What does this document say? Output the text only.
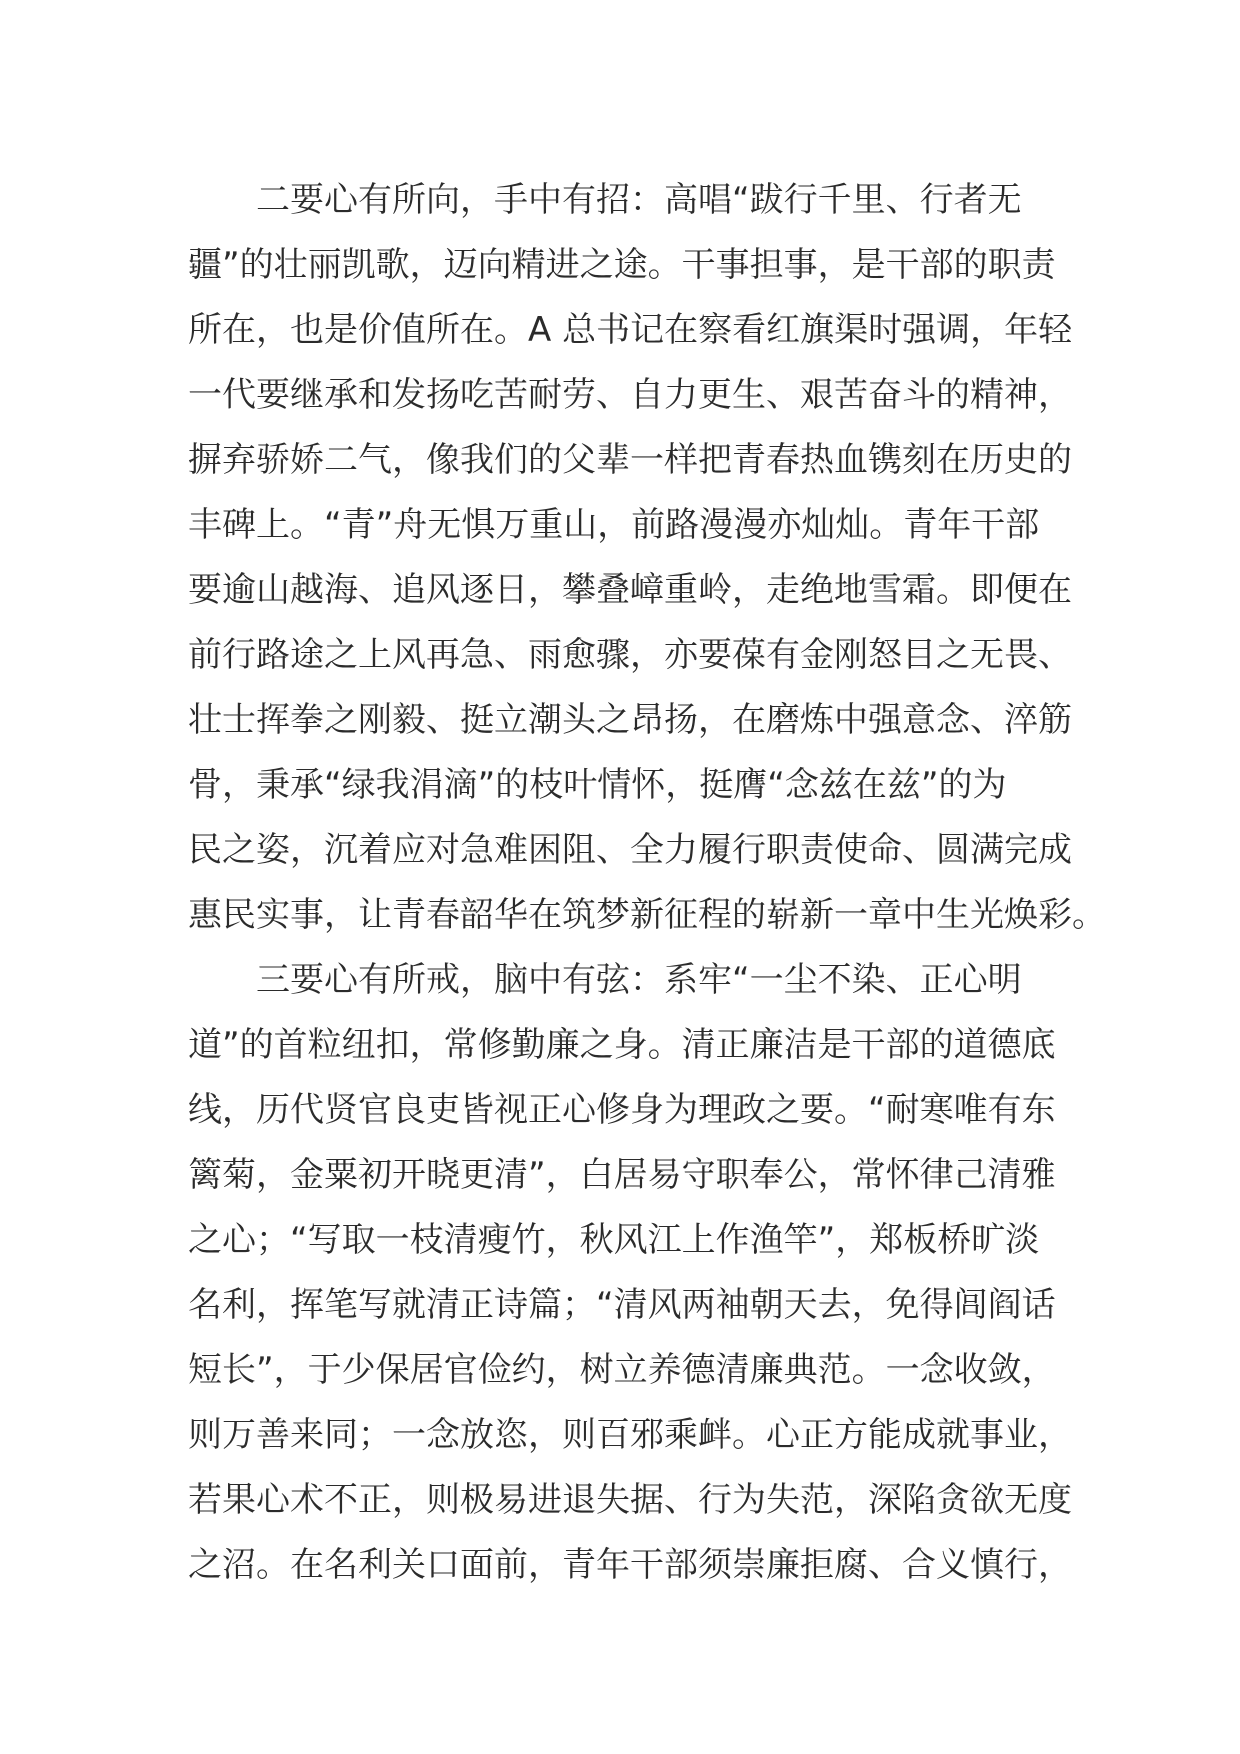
二要心有所向，手中有招：高唱“跋行千里、行者无
疆”的壮丽凯歌，迈向精进之途。干事担事，是干部的职责
所在，也是价值所在。A 总书记在察看红旗渠时强调，年轻
一代要继承和发扬吃苦耐劳、自力更生、艰苦奋斗的精神，
摒弃骄娇二气，像我们的父辈一样把青春热血镌刻在历史的
丰碑上。“青”舟无惧万重山，前路漫漫亦灿灿。青年干部
要逾山越海、追风逐日，攀叠嶂重岭，走绝地雪霜。即便在
前行路途之上风再急、雨愈骤，亦要葆有金刚怒目之无畏、
壮士挥拳之刚毅、挺立潮头之昂扬，在磨炼中强意念、淬筋
骨，秉承“绿我涓滴”的枝叶情怀，挺膺“念兹在兹”的为
民之姿，沉着应对急难困阻、全力履行职责使命、圆满完成
惠民实事，让青春韶华在筑梦新征程的崭新一章中生光焕彩。
三要心有所戒，脑中有弦：系牢“一尘不染、正心明
道”的首粒纽扣，常修勤廉之身。清正廉洁是干部的道德底
线，历代贤官良吏皆视正心修身为理政之要。“耐寒唯有东
篱菊，金粟初开晓更清”，白居易守职奉公，常怀律己清雅
之心；“写取一枝清瘦竹，秋风江上作渔竿”，郑板桥旷淡
名利，挥笔写就清正诗篇；“清风两袖朝天去，免得闾阎话
短长”，于少保居官俭约，树立养德清廉典范。一念收敛，
则万善来同；一念放恣，则百邪乘衅。心正方能成就事业，
若果心术不正，则极易进退失据、行为失范，深陷贪欲无度
之沼。在名利关口面前，青年干部须崇廉拒腐、合义慎行，
